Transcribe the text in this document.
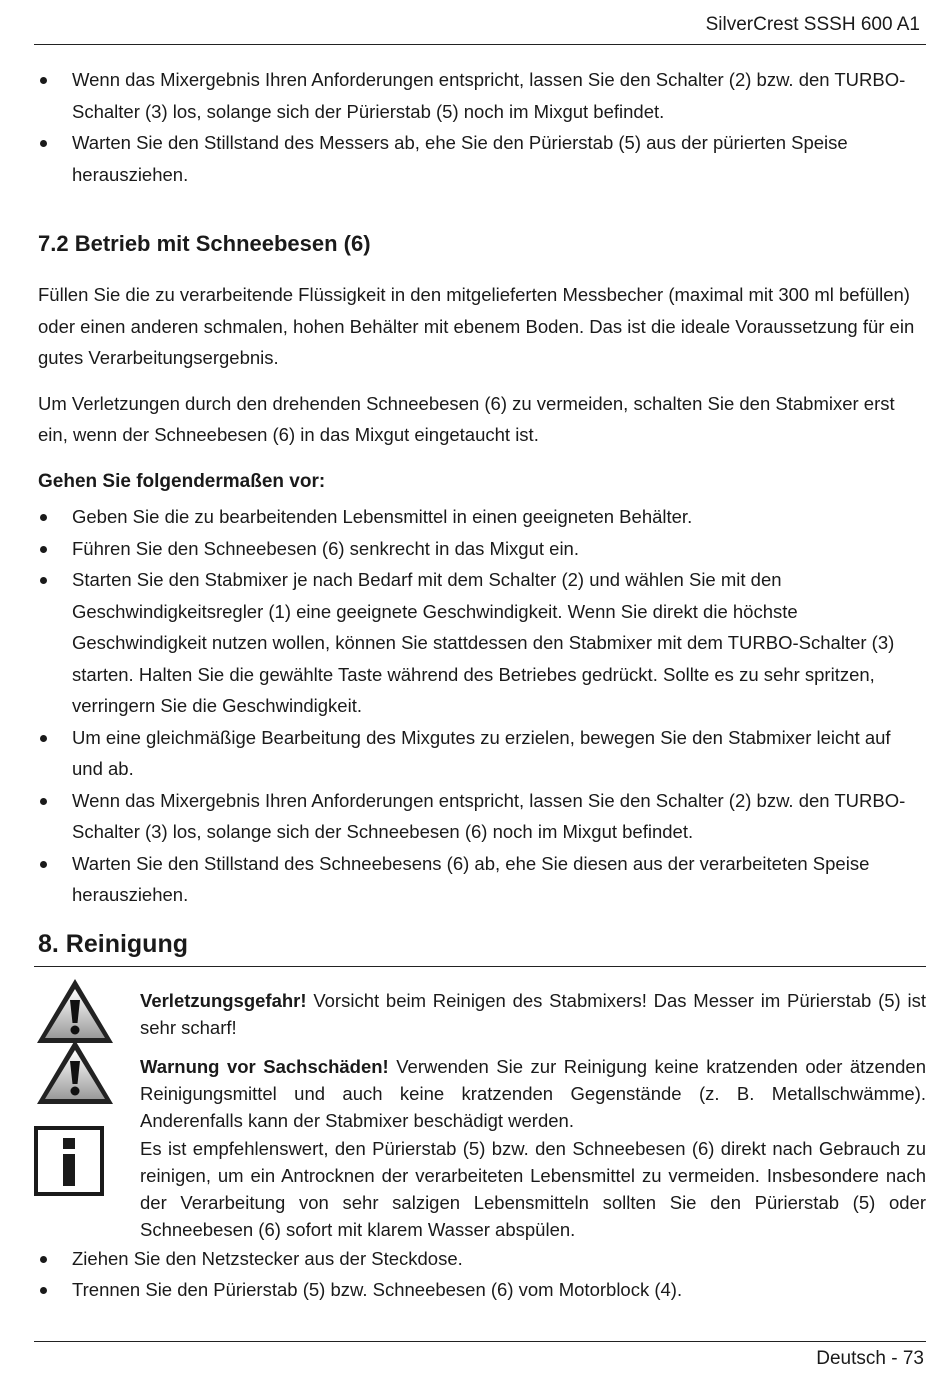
SilverCrest SSSH 600 A1
Wenn das Mixergebnis Ihren Anforderungen entspricht, lassen Sie den Schalter (2) bzw. den TURBO-Schalter (3) los, solange sich der Pürierstab (5) noch im Mixgut befindet.
Warten Sie den Stillstand des Messers ab, ehe Sie den Pürierstab (5) aus der pürierten Speise herausziehen.
7.2 Betrieb mit Schneebesen (6)

Füllen Sie die zu verarbeitende Flüssigkeit in den mitgelieferten Messbecher (maximal mit 300 ml befüllen) oder einen anderen schmalen, hohen Behälter mit ebenem Boden. Das ist die ideale Voraussetzung für ein gutes Verarbeitungsergebnis.

Um Verletzungen durch den drehenden Schneebesen (6) zu vermeiden, schalten Sie den Stabmixer erst ein, wenn der Schneebesen (6) in das Mixgut eingetaucht ist.

Gehen Sie folgendermaßen vor:
Geben Sie die zu bearbeitenden Lebensmittel in einen geeigneten Behälter.
Führen Sie den Schneebesen (6) senkrecht in das Mixgut ein.
Starten Sie den Stabmixer je nach Bedarf mit dem Schalter (2) und wählen Sie mit den Geschwindigkeitsregler (1) eine geeignete Geschwindigkeit. Wenn Sie direkt die höchste Geschwindigkeit nutzen wollen, können Sie stattdessen den Stabmixer mit dem TURBO-Schalter (3) starten. Halten Sie die gewählte Taste während des Betriebes gedrückt. Sollte es zu sehr spritzen, verringern Sie die Geschwindigkeit.
Um eine gleichmäßige Bearbeitung des Mixgutes zu erzielen, bewegen Sie den Stabmixer leicht auf und ab.
Wenn das Mixergebnis Ihren Anforderungen entspricht, lassen Sie den Schalter (2) bzw. den TURBO-Schalter (3) los, solange sich der Schneebesen (6) noch im Mixgut befindet.
Warten Sie den Stillstand des Schneebesens (6) ab, ehe Sie diesen aus der verarbeiteten Speise herausziehen.
8. Reinigung
Verletzungsgefahr! Vorsicht beim Reinigen des Stabmixers! Das Messer im Pürierstab (5) ist sehr scharf!
Warnung vor Sachschäden! Verwenden Sie zur Reinigung keine kratzenden oder ätzenden Reinigungsmittel und auch keine kratzenden Gegenstände (z. B. Metallschwämme). Anderenfalls kann der Stabmixer beschädigt werden.
Es ist empfehlenswert, den Pürierstab (5) bzw. den Schneebesen (6) direkt nach Gebrauch zu reinigen, um ein Antrocknen der verarbeiteten Lebensmittel zu vermeiden. Insbesondere nach der Verarbeitung von sehr salzigen Lebensmitteln sollten Sie den Pürierstab (5) oder Schneebesen (6) sofort mit klarem Wasser abspülen.
Ziehen Sie den Netzstecker aus der Steckdose.
Trennen Sie den Pürierstab (5) bzw. Schneebesen (6) vom Motorblock (4).
Deutsch - 73
